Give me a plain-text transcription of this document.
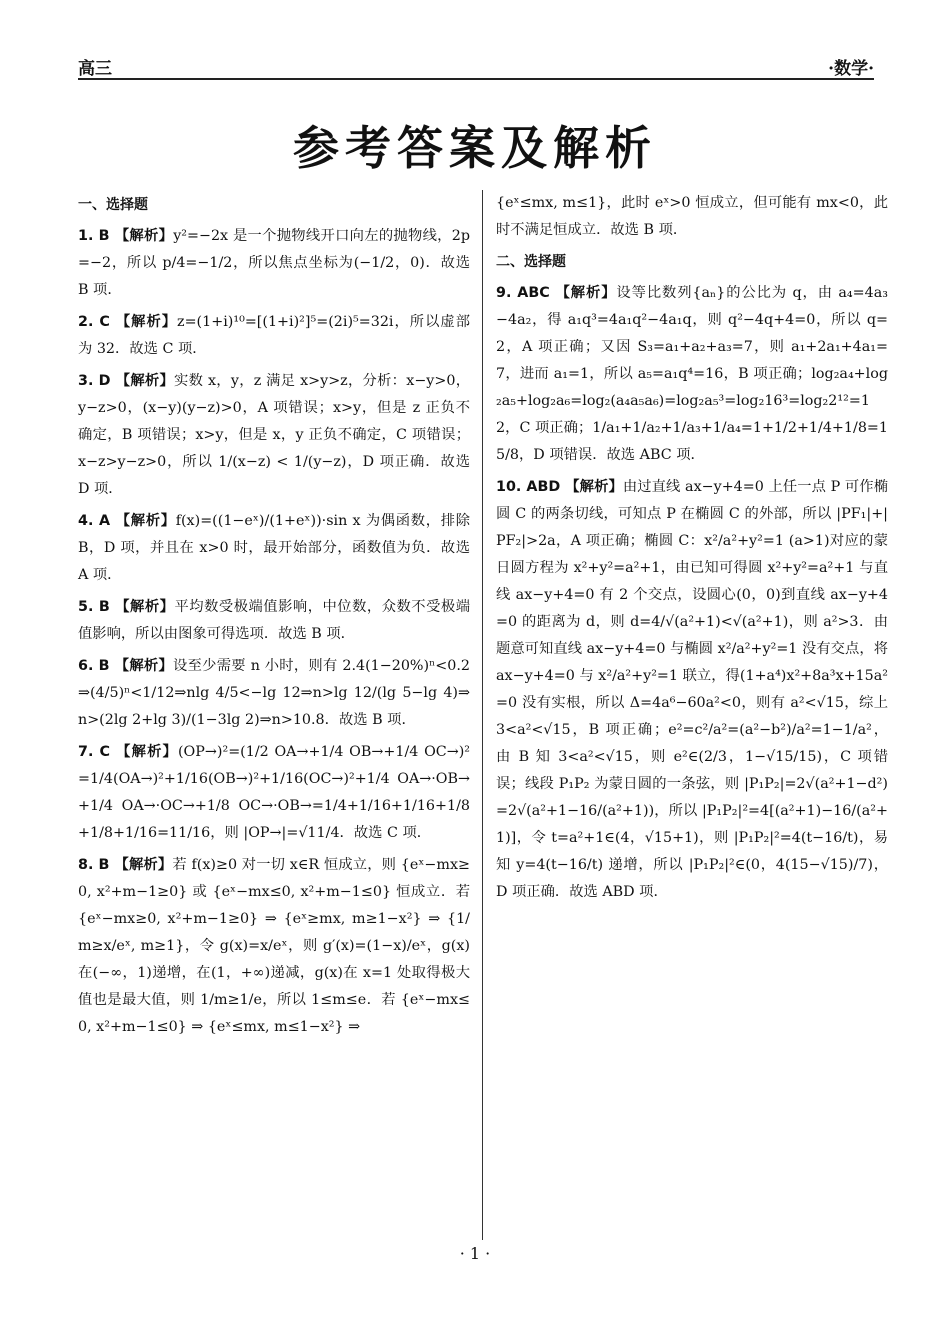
高三	·数学·
参考答案及解析
一、选择题
1. B 【解析】y²=−2x 是一个抛物线开口向左的抛物线，2p=−2，所以 p/4=−1/2，所以焦点坐标为(−1/2，0)．故选 B 项．
2. C 【解析】z=(1+i)¹⁰=[(1+i)²]⁵=(2i)⁵=32i，所以虚部为 32．故选 C 项．
3. D 【解析】实数 x，y，z 满足 x>y>z，分析：x−y>0，y−z>0，(x−y)(y−z)>0，A 项错误；x>y，但是 z 正负不确定，B 项错误；x>y，但是 x，y 正负不确定，C 项错误；x−z>y−z>0，所以 1/(x−z) < 1/(y−z)，D 项正确．故选 D 项．
4. A 【解析】f(x)=((1−eˣ)/(1+eˣ))·sin x 为偶函数，排除 B，D 项，并且在 x>0 时，最开始部分，函数值为负．故选 A 项．
5. B 【解析】平均数受极端值影响，中位数，众数不受极端值影响，所以由图象可得选项．故选 B 项．
6. B 【解析】设至少需要 n 小时，则有 2.4(1−20%)ⁿ<0.2⇒(4/5)ⁿ<1/12⇒nlg 4/5<−lg 12⇒n>lg 12/(lg 5−lg 4)⇒n>(2lg 2+lg 3)/(1−3lg 2)⇒n>10.8．故选 B 项．
7. C 【解析】(OP→)²=(1/2 OA→+1/4 OB→+1/4 OC→)²=1/4(OA→)²+1/16(OB→)²+1/16(OC→)²+1/4 OA→·OB→+1/4 OA→·OC→+1/8 OC→·OB→=1/4+1/16+1/16+1/8+1/8+1/16=11/16，则 |OP→|=√11/4．故选 C 项．
8. B 【解析】若 f(x)≥0 对一切 x∈R 恒成立，则 {eˣ−mx≥0, x²+m−1≥0} 或 {eˣ−mx≤0, x²+m−1≤0} 恒成立．若 {eˣ−mx≥0, x²+m−1≥0} ⇒ {eˣ≥mx, m≥1−x²} ⇒ {1/m≥x/eˣ, m≥1}，令 g(x)=x/eˣ，则 g′(x)=(1−x)/eˣ，g(x)在(−∞，1)递增，在(1，+∞)递减，g(x)在 x=1 处取得极大值也是最大值，则 1/m≥1/e，所以 1≤m≤e．若 {eˣ−mx≤0, x²+m−1≤0} ⇒ {eˣ≤mx, m≤1−x²} ⇒
{eˣ≤mx, m≤1}，此时 eˣ>0 恒成立，但可能有 mx<0，此时不满足恒成立．故选 B 项．
二、选择题
9. ABC 【解析】设等比数列{aₙ}的公比为 q，由 a₄=4a₃−4a₂，得 a₁q³=4a₁q²−4a₁q，则 q²−4q+4=0，所以 q=2，A 项正确；又因 S₃=a₁+a₂+a₃=7，则 a₁+2a₁+4a₁=7，进而 a₁=1，所以 a₅=a₁q⁴=16，B 项正确；log₂a₄+log₂a₅+log₂a₆=log₂(a₄a₅a₆)=log₂a₅³=log₂16³=log₂2¹²=12，C 项正确；1/a₁+1/a₂+1/a₃+1/a₄=1+1/2+1/4+1/8=15/8，D 项错误．故选 ABC 项．
10. ABD 【解析】由过直线 ax−y+4=0 上任一点 P 可作椭圆 C 的两条切线，可知点 P 在椭圆 C 的外部，所以 |PF₁|+|PF₂|>2a，A 项正确；椭圆 C：x²/a²+y²=1 (a>1)对应的蒙日圆方程为 x²+y²=a²+1，由已知可得圆 x²+y²=a²+1 与直线 ax−y+4=0 有 2 个交点，设圆心(0，0)到直线 ax−y+4=0 的距离为 d，则 d=4/√(a²+1)<√(a²+1)，则 a²>3．由题意可知直线 ax−y+4=0 与椭圆 x²/a²+y²=1 没有交点，将 ax−y+4=0 与 x²/a²+y²=1 联立，得(1+a⁴)x²+8a³x+15a²=0 没有实根，所以 Δ=4a⁶−60a²<0，则有 a²<√15，综上 3<a²<√15，B 项正确；e²=c²/a²=(a²−b²)/a²=1−1/a²，由 B 知 3<a²<√15，则 e²∈(2/3，1−√15/15)，C 项错误；线段 P₁P₂ 为蒙日圆的一条弦，则 |P₁P₂|=2√(a²+1−d²)=2√(a²+1−16/(a²+1))，所以 |P₁P₂|²=4[(a²+1)−16/(a²+1)]，令 t=a²+1∈(4，√15+1)，则 |P₁P₂|²=4(t−16/t)，易知 y=4(t−16/t) 递增，所以 |P₁P₂|²∈(0，4(15−√15)/7)，D 项正确．故选 ABD 项．
· 1 ·
